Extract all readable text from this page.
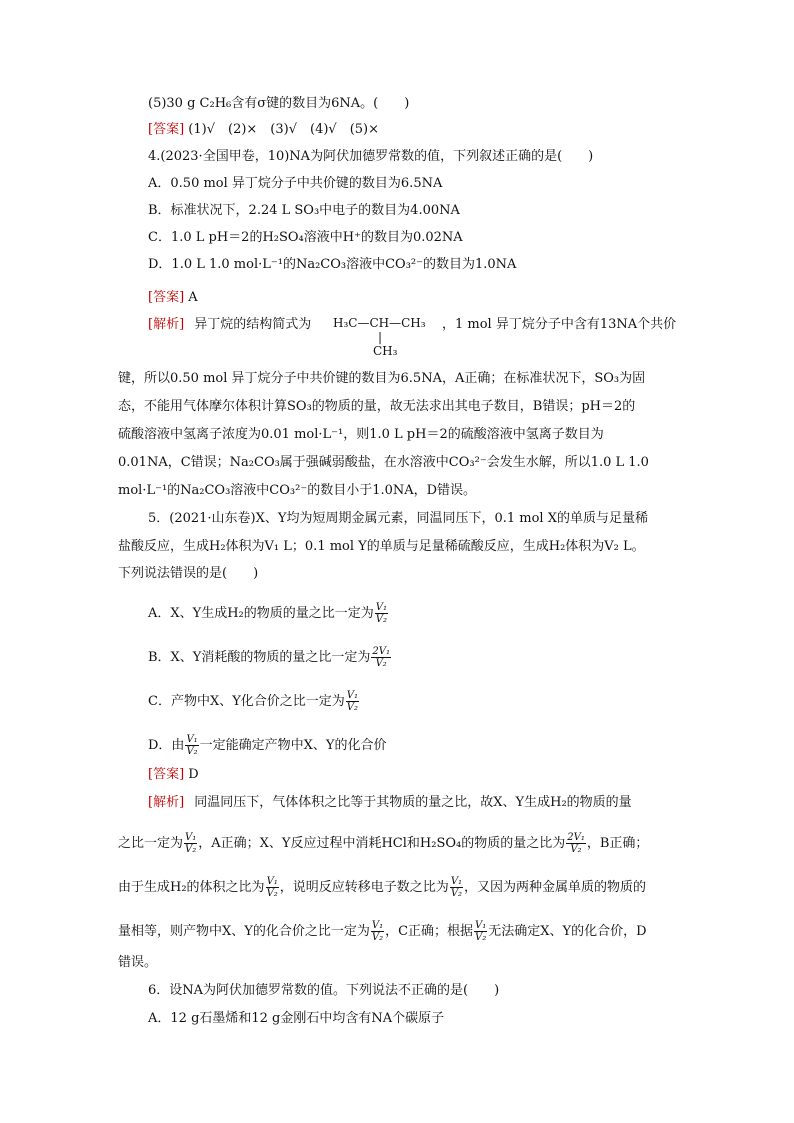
(5)30 g C₂H₆含有σ键的数目为6NA。(　　)
[答案] (1)√　(2)×　(3)√　(4)√　(5)×
4.(2023·全国甲卷，10)NA为阿伏加德罗常数的值，下列叙述正确的是(　　)
A．0.50 mol 异丁烷分子中共价键的数目为6.5NA
B．标准状况下，2.24 L SO₃中电子的数目为4.00NA
C．1.0 L pH＝2的H₂SO₄溶液中H⁺的数目为0.02NA
D．1.0 L 1.0 mol·L⁻¹的Na₂CO₃溶液中CO₃²⁻的数目为1.0NA
[答案] A
[解析] 异丁烷的结构简式为 H₃C—CH—CH₃
|
CH₃
，1 mol 异丁烷分子中含有13NA个共价
键，所以0.50 mol 异丁烷分子中共价键的数目为6.5NA，A正确；在标准状况下，SO₃为固
态，不能用气体摩尔体积计算SO₃的物质的量，故无法求出其电子数目，B错误；pH＝2的
硫酸溶液中氢离子浓度为0.01 mol·L⁻¹，则1.0 L pH＝2的硫酸溶液中氢离子数目为
0.01NA，C错误；Na₂CO₃属于强碱弱酸盐，在水溶液中CO₃²⁻会发生水解，所以1.0 L 1.0
mol·L⁻¹的Na₂CO₃溶液中CO₃²⁻的数目小于1.0NA，D错误。
5．(2021·山东卷)X、Y均为短周期金属元素，同温同压下，0.1 mol X的单质与足量稀
盐酸反应，生成H₂体积为V₁ L；0.1 mol Y的单质与足量稀硫酸反应，生成H₂体积为V₂ L。
下列说法错误的是(　　)
A．X、Y生成H₂的物质的量之比一定为 $\frac{\text{V₁}}{\text{V₂}}$
B．X、Y消耗酸的物质的量之比一定为 $\frac{\text{2V₁}}{\text{V₂}}$
C．产物中X、Y化合价之比一定为 $\frac{\text{V₁}}{\text{V₂}}$
D．由 $\frac{\text{V₁}}{\text{V₂}}$ 一定能确定产物中X、Y的化合价
[答案] D
[解析] 同温同压下，气体体积之比等于其物质的量之比，故X、Y生成H₂的物质的量
之比一定为 $\frac{\text{V₁}}{\text{V₂}}$ ，A正确；X、Y反应过程中消耗HCl和H₂SO₄的物质的量之比为 $\frac{\text{2V₁}}{\text{V₂}}$ ，B正确；
由于生成H₂的体积之比为 $\frac{\text{V₁}}{\text{V₂}}$ ，说明反应转移电子数之比为 $\frac{\text{V₁}}{\text{V₂}}$ ，又因为两种金属单质的物质的
量相等，则产物中X、Y的化合价之比一定为 $\frac{\text{V₁}}{\text{V₂}}$ ，C正确；根据 $\frac{\text{V₁}}{\text{V₂}}$ 无法确定X、Y的化合价，D
错误。
6．设NA为阿伏加德罗常数的值。下列说法不正确的是(　　)
A．12 g石墨烯和12 g金刚石中均含有NA个碳原子
